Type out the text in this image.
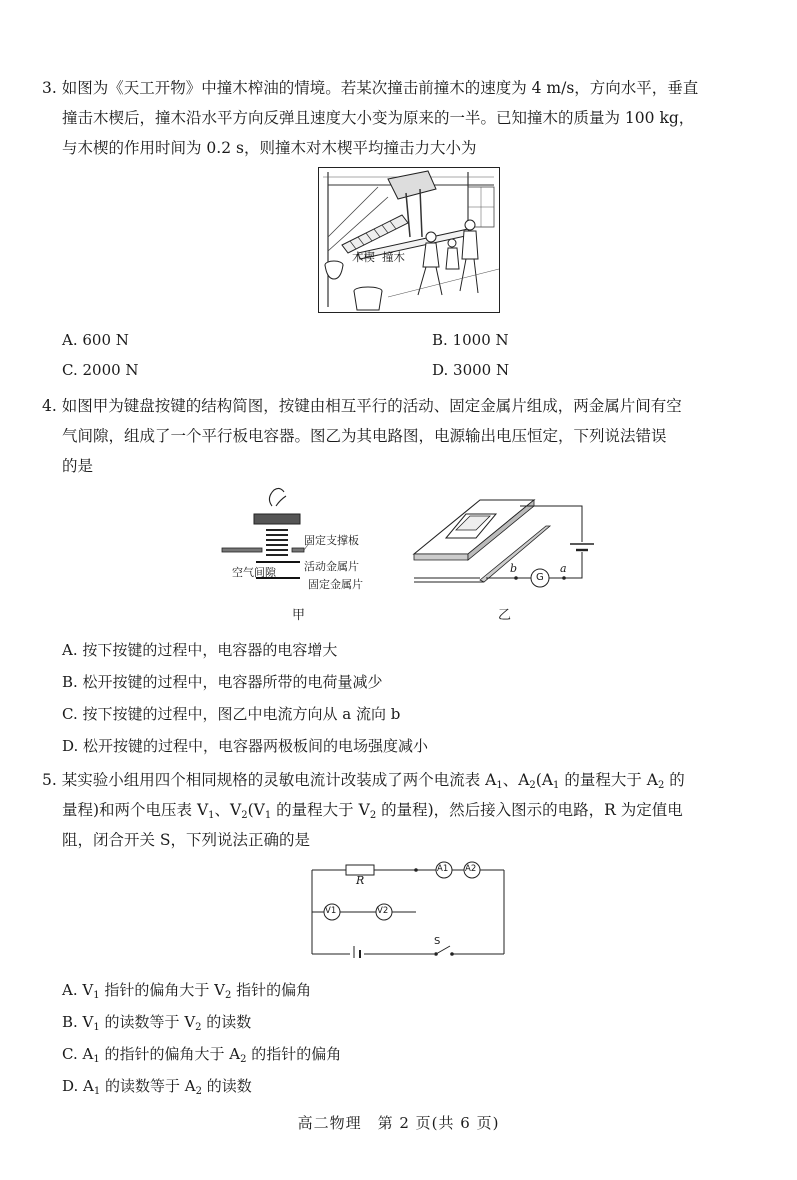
3. 如图为《天工开物》中撞木榨油的情境。若某次撞击前撞木的速度为 4 m/s，方向水平，垂直
撞击木楔后，撞木沿水平方向反弹且速度大小变为原来的一半。已知撞木的质量为 100 kg，
与木楔的作用时间为 0.2 s，则撞木对木楔平均撞击力大小为
木楔 撞木
A. 600 N	B. 1000 N
C. 2000 N	D. 3000 N
4. 如图甲为键盘按键的结构简图，按键由相互平行的活动、固定金属片组成，两金属片间有空
气间隙，组成了一个平行板电容器。图乙为其电路图，电源输出电压恒定，下列说法错误
的是
固定支撑板
空气间隙	活动金属片
固定金属片
甲
G
b	a
乙
A. 按下按键的过程中，电容器的电容增大
B. 松开按键的过程中，电容器所带的电荷量减少
C. 按下按键的过程中，图乙中电流方向从 a 流向 b
D. 松开按键的过程中，电容器两极板间的电场强度减小
5. 某实验小组用四个相同规格的灵敏电流计改装成了两个电流表 $A_1$、$A_2(A_1$ 的量程大于 $A_2$ 的
量程)和两个电压表 $V_1$、$V_2(V_1$ 的量程大于 $V_2$ 的量程)，然后接入图示的电路，R 为定值电
阻，闭合开关 S，下列说法正确的是
R
A1 A2
V1	V2
S
A. $V_1$ 指针的偏角大于 $V_2$ 指针的偏角
B. $V_1$ 的读数等于 $V_2$ 的读数
C. $A_1$ 的指针的偏角大于 $A_2$ 的指针的偏角
D. $A_1$ 的读数等于 $A_2$ 的读数
高二物理　第 2 页(共 6 页)
